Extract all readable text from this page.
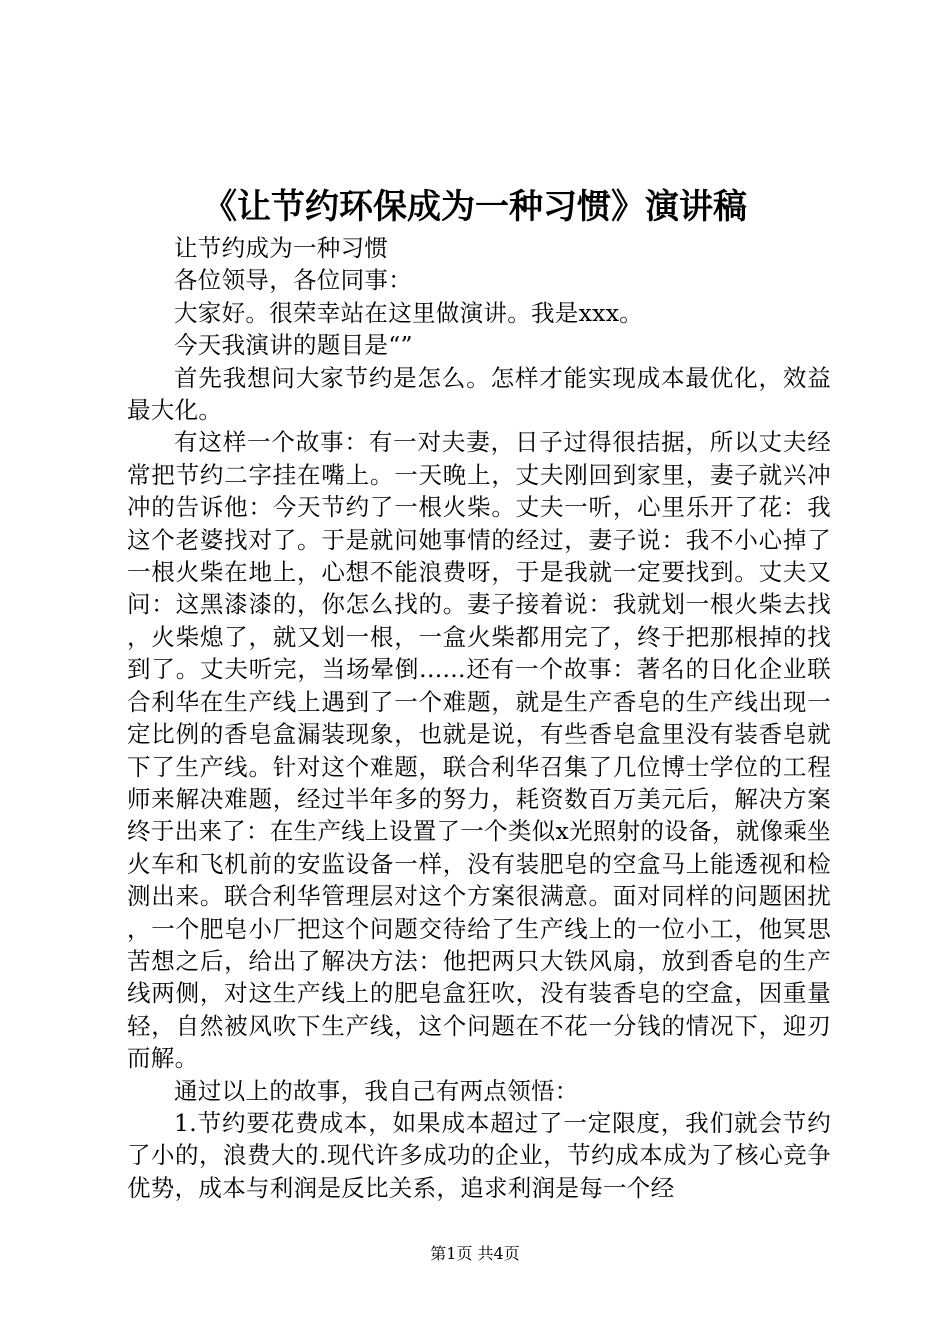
《让节约环保成为一种习惯》演讲稿

让节约成为一种习惯

各位领导，各位同事：

大家好。很荣幸站在这里做演讲。我是xxx。

今天我演讲的题目是“”

首先我想问大家节约是怎么。怎样才能实现成本最优化，效益最大化。

有这样一个故事：有一对夫妻，日子过得很拮据，所以丈夫经常把节约二字挂在嘴上。一天晚上，丈夫刚回到家里，妻子就兴冲冲的告诉他：今天节约了一根火柴。丈夫一听，心里乐开了花：我这个老婆找对了。于是就问她事情的经过，妻子说：我不小心掉了一根火柴在地上，心想不能浪费呀，于是我就一定要找到。丈夫又问：这黑漆漆的，你怎么找的。妻子接着说：我就划一根火柴去找，火柴熄了，就又划一根，一盒火柴都用完了，终于把那根掉的找到了。丈夫听完，当场晕倒......还有一个故事：著名的日化企业联合利华在生产线上遇到了一个难题，就是生产香皂的生产线出现一定比例的香皂盒漏装现象，也就是说，有些香皂盒里没有装香皂就下了生产线。针对这个难题，联合利华召集了几位博士学位的工程师来解决难题，经过半年多的努力，耗资数百万美元后，解决方案终于出来了：在生产线上设置了一个类似x光照射的设备，就像乘坐火车和飞机前的安监设备一样，没有装肥皂的空盒马上能透视和检测出来。联合利华管理层对这个方案很满意。面对同样的问题困扰，一个肥皂小厂把这个问题交待给了生产线上的一位小工，他冥思苦想之后，给出了解决方法：他把两只大铁风扇，放到香皂的生产线两侧，对这生产线上的肥皂盒狂吹，没有装香皂的空盒，因重量轻，自然被风吹下生产线，这个问题在不花一分钱的情况下，迎刃而解。

通过以上的故事，我自己有两点领悟：

1.节约要花费成本，如果成本超过了一定限度，我们就会节约了小的，浪费大的.现代许多成功的企业，节约成本成为了核心竞争优势，成本与利润是反比关系，追求利润是每一个经

第1页 共4页
